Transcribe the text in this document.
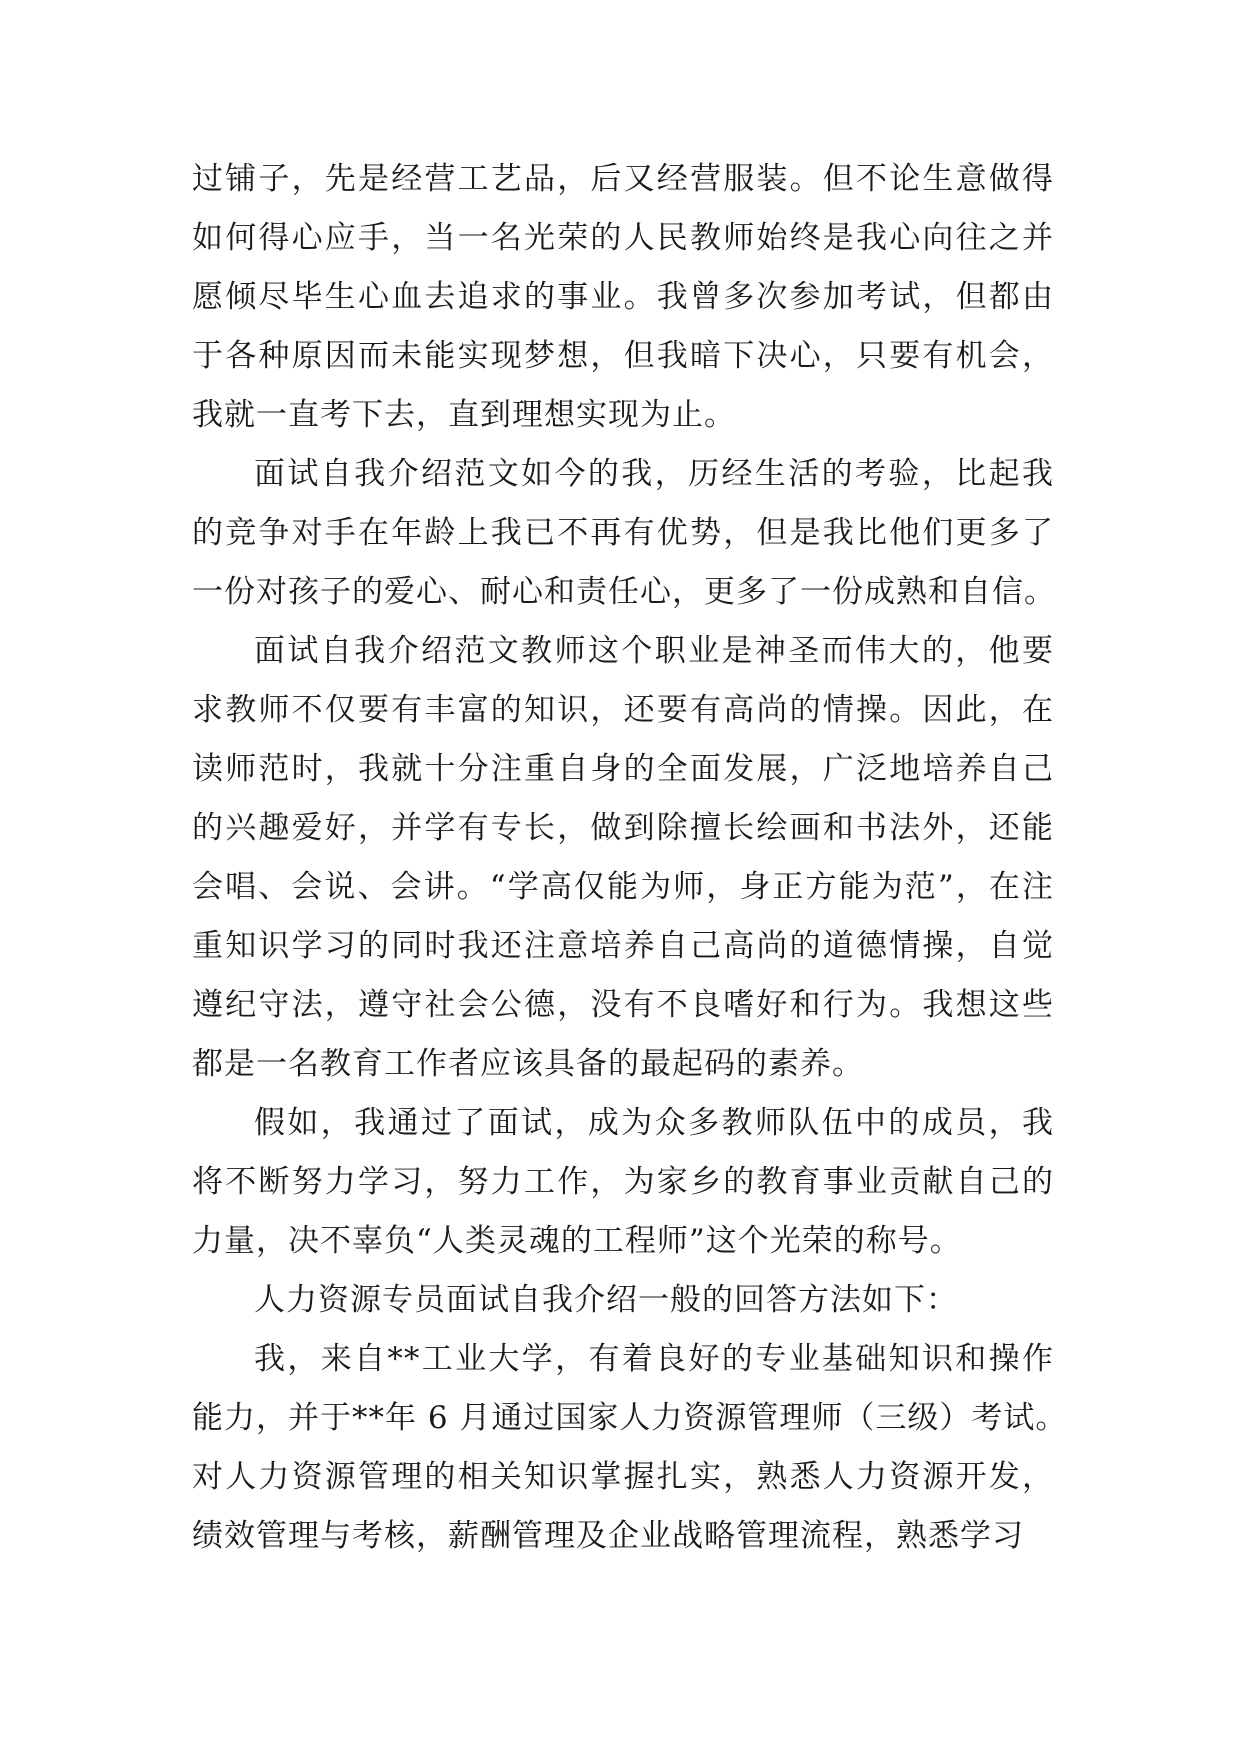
过铺子，先是经营工艺品，后又经营服装。但不论生意做得
如何得心应手，当一名光荣的人民教师始终是我心向往之并
愿倾尽毕生心血去追求的事业。我曾多次参加考试，但都由
于各种原因而未能实现梦想，但我暗下决心，只要有机会，
我就一直考下去，直到理想实现为止。
面试自我介绍范文如今的我，历经生活的考验，比起我
的竞争对手在年龄上我已不再有优势，但是我比他们更多了
一份对孩子的爱心、耐心和责任心，更多了一份成熟和自信。
面试自我介绍范文教师这个职业是神圣而伟大的，他要
求教师不仅要有丰富的知识，还要有高尚的情操。因此，在
读师范时，我就十分注重自身的全面发展，广泛地培养自己
的兴趣爱好，并学有专长，做到除擅长绘画和书法外，还能
会唱、会说、会讲。“学高仅能为师，身正方能为范”，在注
重知识学习的同时我还注意培养自己高尚的道德情操，自觉
遵纪守法，遵守社会公德，没有不良嗜好和行为。我想这些
都是一名教育工作者应该具备的最起码的素养。
假如，我通过了面试，成为众多教师队伍中的成员，我
将不断努力学习，努力工作，为家乡的教育事业贡献自己的
力量，决不辜负“人类灵魂的工程师”这个光荣的称号。
人力资源专员面试自我介绍一般的回答方法如下：
我，来自**工业大学，有着良好的专业基础知识和操作
能力，并于**年 6 月通过国家人力资源管理师（三级）考试。
对人力资源管理的相关知识掌握扎实，熟悉人力资源开发，
绩效管理与考核，薪酬管理及企业战略管理流程，熟悉学习
